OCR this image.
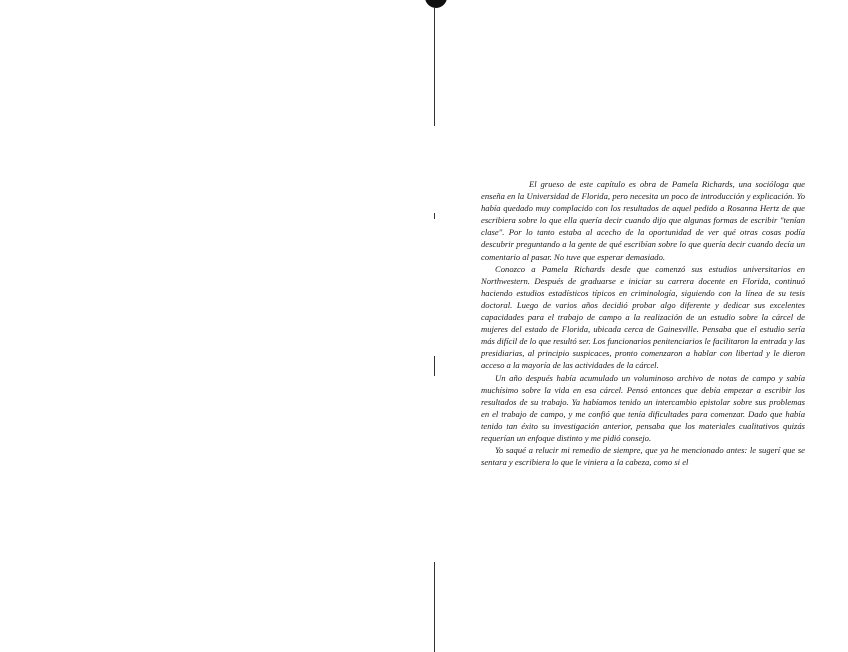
El grueso de este capítulo es obra de Pamela Richards, una socióloga que enseña en la Universidad de Florida, pero necesita un poco de introducción y explicación. Yo había quedado muy complacido con los resultados de aquel pedido a Rosanna Hertz de que escribiera sobre lo que ella quería decir cuando dijo que algunas formas de escribir "tenían clase". Por lo tanto estaba al acecho de la oportunidad de ver qué otras cosas podía descubrir preguntando a la gente de qué escribían sobre lo que quería decir cuando decía un comentario al pasar. No tuve que esperar demasiado.

Conozco a Pamela Richards desde que comenzó sus estudios universitarios en Northwestern. Después de graduarse e iniciar su carrera docente en Florida, continuó haciendo estudios estadísticos típicos en criminología, siguiendo con la línea de su tesis doctoral. Luego de varios años decidió probar algo diferente y dedicar sus excelentes capacidades para el trabajo de campo a la realización de un estudio sobre la cárcel de mujeres del estado de Florida, ubicada cerca de Gainesville. Pensaba que el estudio sería más difícil de lo que resultó ser. Los funcionarios penitenciarios le facilitaron la entrada y las presidiarias, al principio suspicaces, pronto comenzaron a hablar con libertad y le dieron acceso a la mayoría de las actividades de la cárcel.

Un año después había acumulado un voluminoso archivo de notas de campo y sabía muchísimo sobre la vida en esa cárcel. Pensó entonces que debía empezar a escribir los resultados de su trabajo. Ya habíamos tenido un intercambio epistolar sobre sus problemas en el trabajo de campo, y me confió que tenía dificultades para comenzar. Dado que había tenido tan éxito su investigación anterior, pensaba que los materiales cualitativos quizás requerían un enfoque distinto y me pidió consejo.

Yo saqué a relucir mi remedio de siempre, que ya he mencionado antes: le sugerí que se sentara y escribiera lo que le viniera a la cabeza, como si el
